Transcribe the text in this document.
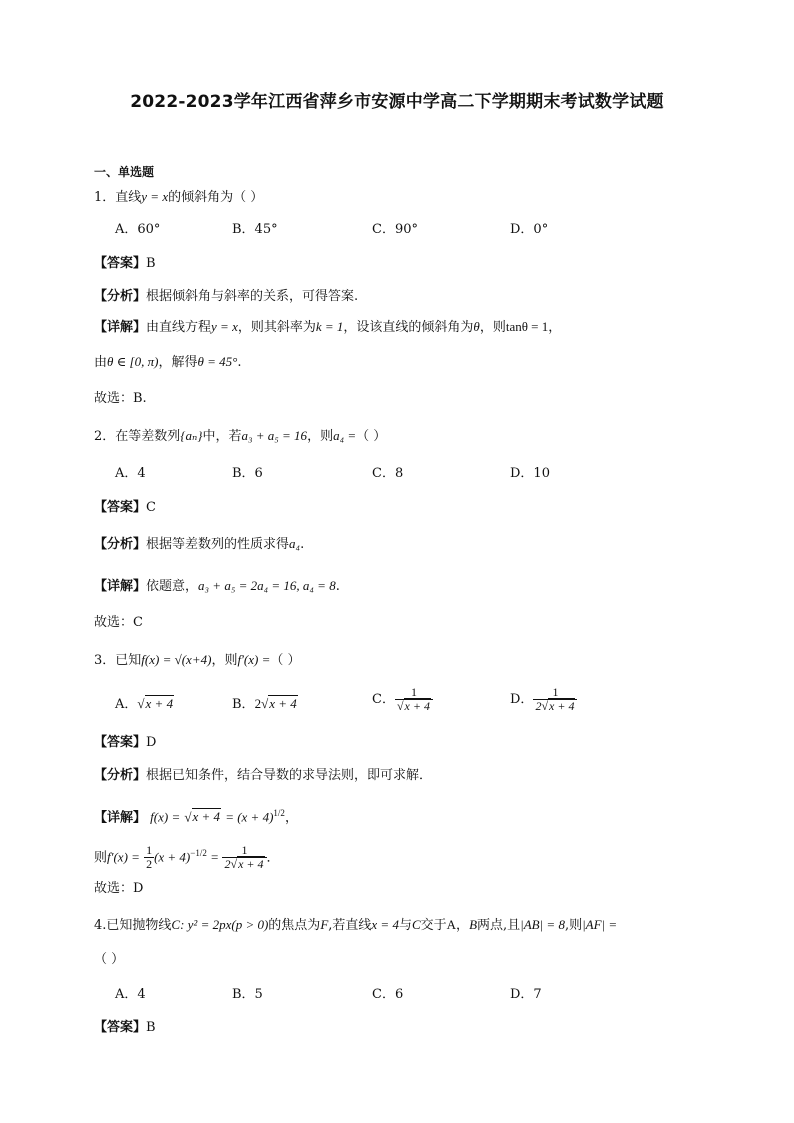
2022-2023学年江西省萍乡市安源中学高二下学期期末考试数学试题
一、单选题
1．直线y = x的倾斜角为（ ）
A．60°	B．45°	C．90°	D．0°
【答案】B
【分析】根据倾斜角与斜率的关系，可得答案.
【详解】由直线方程y = x，则其斜率为k = 1，设该直线的倾斜角为θ，则tanθ = 1，
由θ ∈ [0, π)，解得θ = 45°.
故选：B.
2．在等差数列{aₙ}中，若a₃ + a₅ = 16，则a₄ =（ ）
A．4	B．6	C．8	D．10
【答案】C
【分析】根据等差数列的性质求得a₄.
【详解】依题意，a₃ + a₅ = 2a₄ = 16, a₄ = 8.
故选：C
3．已知f(x) = √(x+4)，则f′(x) =（ ）
A．√x + 4	B．2√x + 4	C． $\frac{1}{√x + 4}$	D． $\frac{1}{2√x + 4}$
【答案】D
【分析】根据已知条件，结合导数的求导法则，即可求解．
【详解】 $f(x) = √x + 4 = (x + 4)^{1/2}$，
则$f'(x) = \frac{1}{2} (x + 4)^{-1/2} = \frac{1}{2√x + 4}$ ．
故选：D
4.已知抛物线C: y² = 2px(p > 0)的焦点为F,若直线x = 4与C交于A，B两点,且|AB| = 8,则|AF| =
（ ）
A．4	B．5	C．6	D．7
【答案】B
